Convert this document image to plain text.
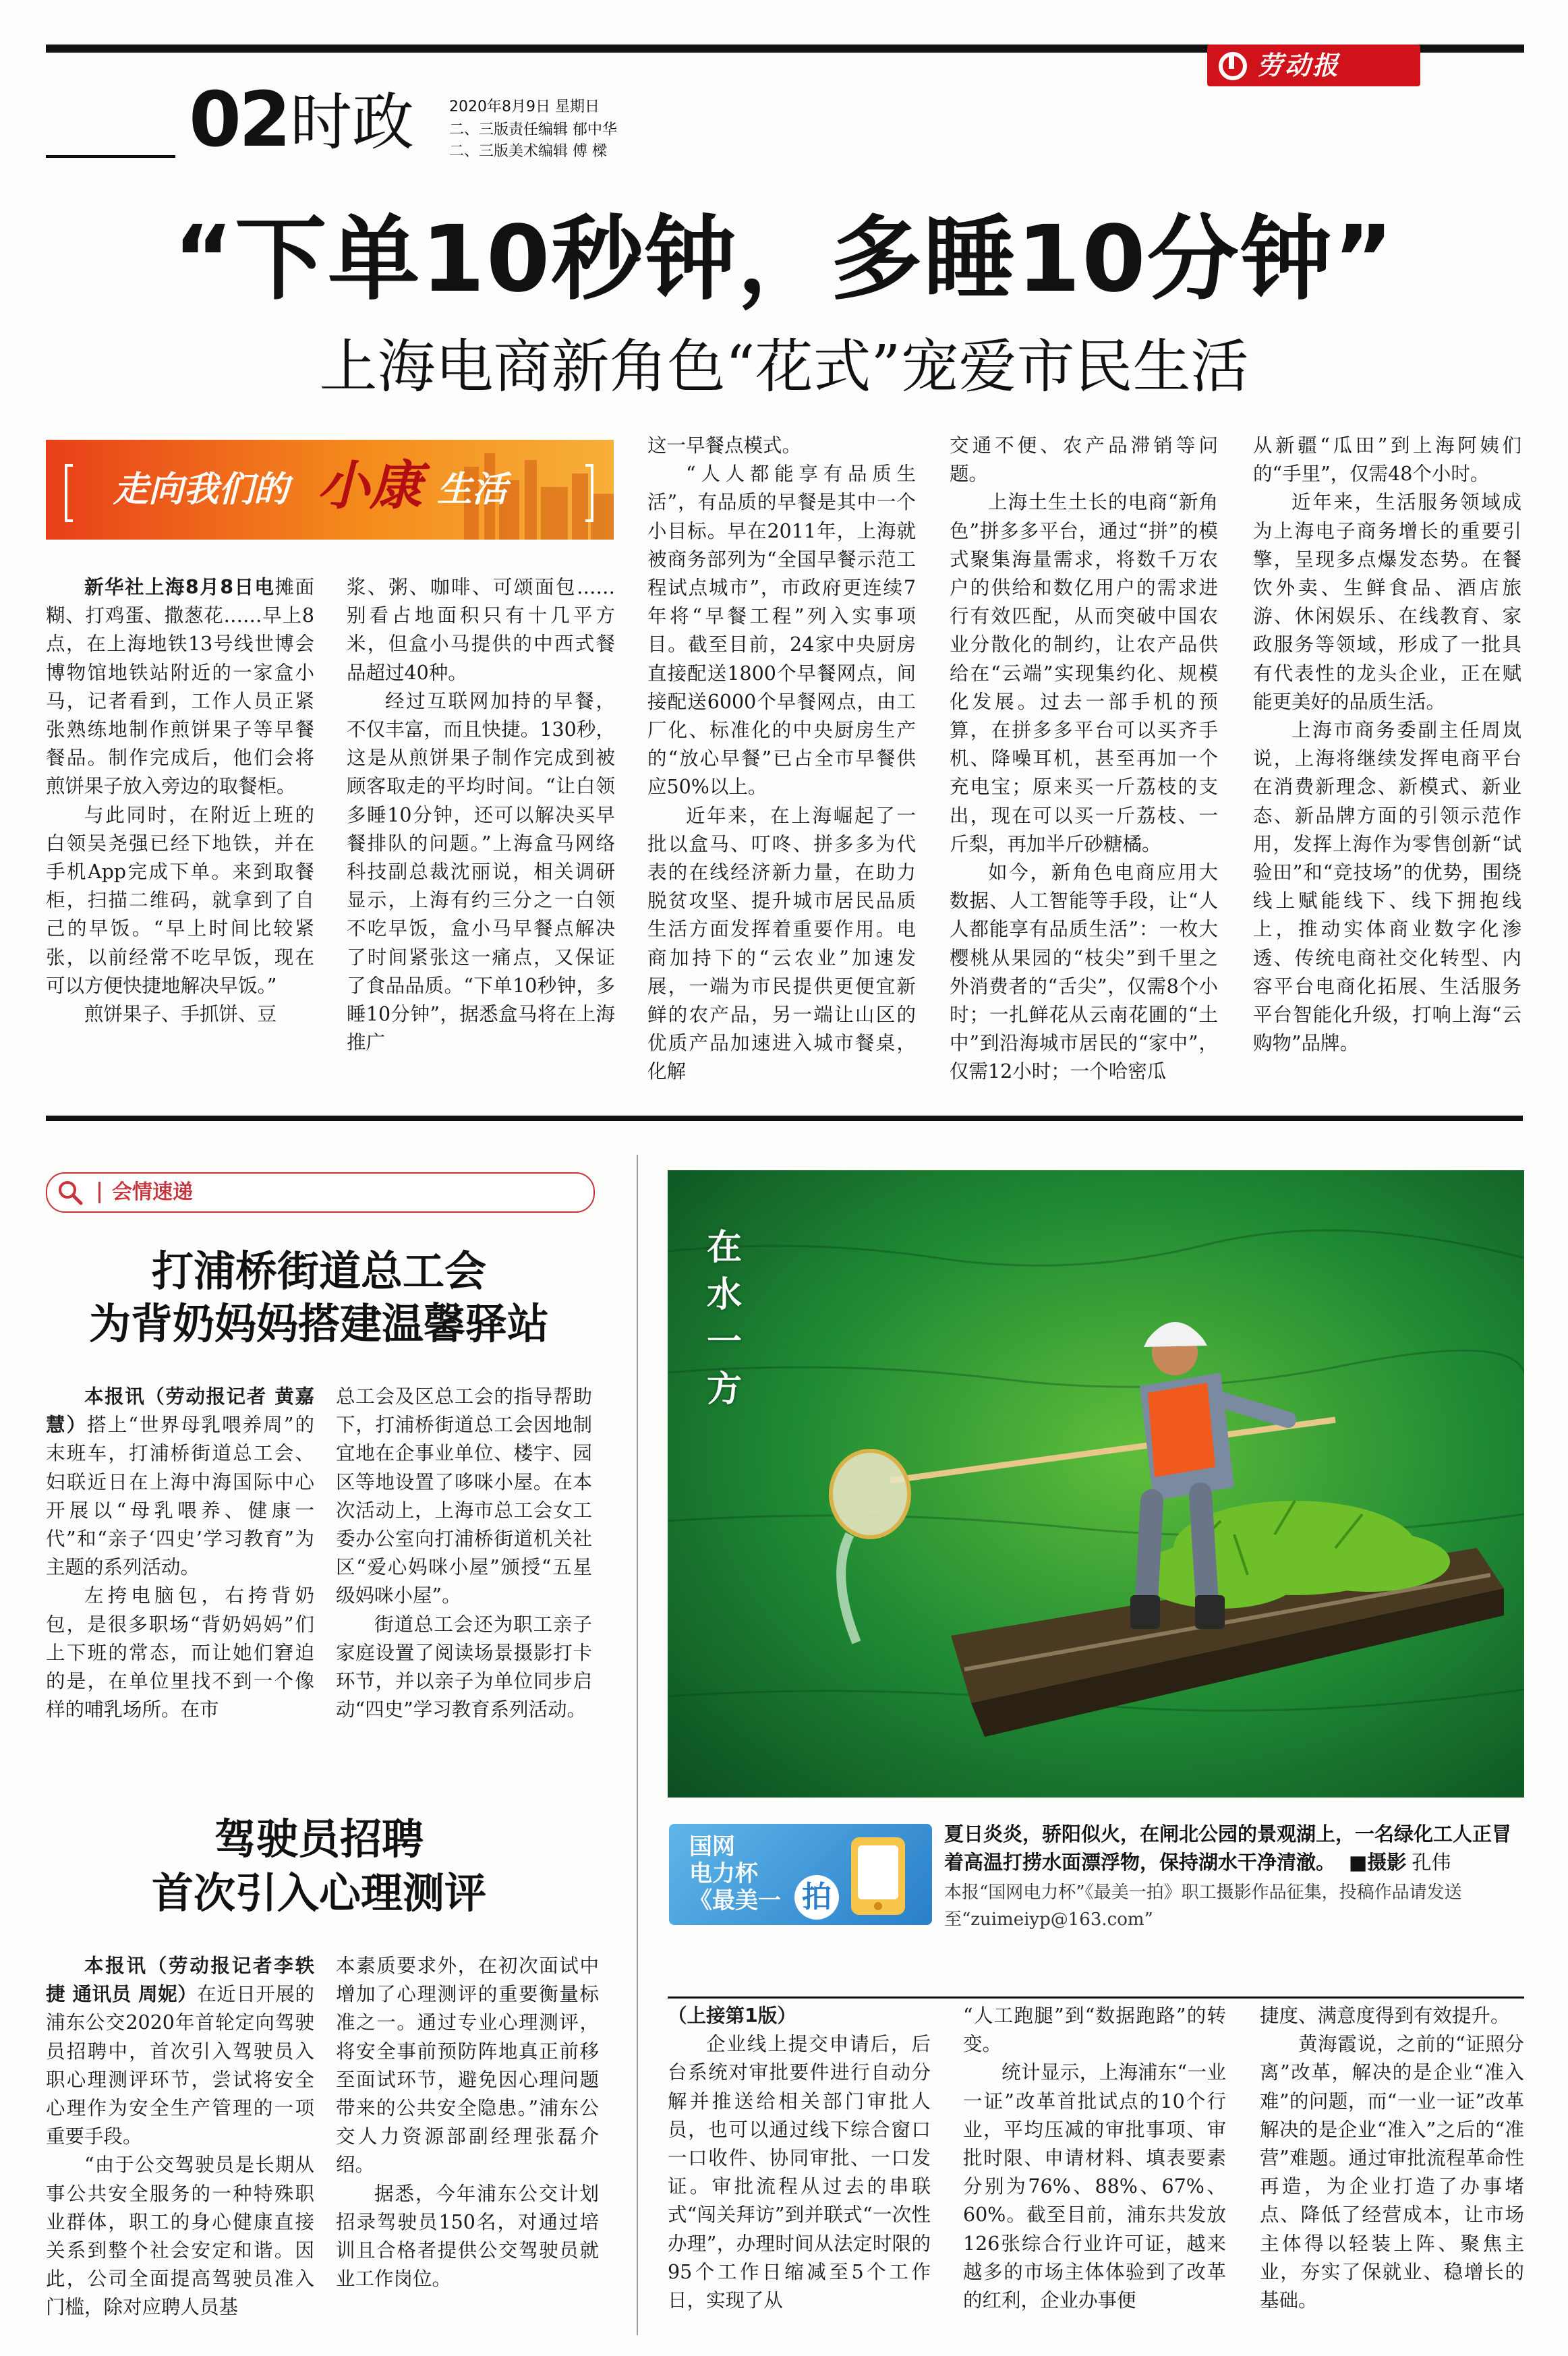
劳动报
02 时政 2020年8月9日 星期日
二、三版责任编辑 郁中华
二、三版美术编辑 傅 樑
“下单10秒钟，多睡10分钟”
上海电商新角色“花式”宠爱市民生活
走向我们的 小康 生活

新华社上海8月8日电摊面糊、打鸡蛋、撒葱花……早上8点，在上海地铁13号线世博会博物馆地铁站附近的一家盒小马，记者看到，工作人员正紧张熟练地制作煎饼果子等早餐餐品。制作完成后，他们会将煎饼果子放入旁边的取餐柜。

与此同时，在附近上班的白领吴尧强已经下地铁，并在手机App完成下单。来到取餐柜，扫描二维码，就拿到了自己的早饭。“早上时间比较紧张，以前经常不吃早饭，现在可以方便快捷地解决早饭。”

煎饼果子、手抓饼、豆

浆、粥、咖啡、可颂面包……别看占地面积只有十几平方米，但盒小马提供的中西式餐品超过40种。

经过互联网加持的早餐，不仅丰富，而且快捷。130秒，这是从煎饼果子制作完成到被顾客取走的平均时间。“让白领多睡10分钟，还可以解决买早餐排队的问题。”上海盒马网络科技副总裁沈丽说，相关调研显示，上海有约三分之一白领不吃早饭，盒小马早餐点解决了时间紧张这一痛点，又保证了食品品质。“下单10秒钟，多睡10分钟”，据悉盒马将在上海推广

这一早餐点模式。

“人人都能享有品质生活”，有品质的早餐是其中一个小目标。早在2011年，上海就被商务部列为“全国早餐示范工程试点城市”，市政府更连续7年将“早餐工程”列入实事项目。截至目前，24家中央厨房直接配送1800个早餐网点，间接配送6000个早餐网点，由工厂化、标准化的中央厨房生产的“放心早餐”已占全市早餐供应50%以上。

近年来，在上海崛起了一批以盒马、叮咚、拼多多为代表的在线经济新力量，在助力脱贫攻坚、提升城市居民品质生活方面发挥着重要作用。电商加持下的“云农业”加速发展，一端为市民提供更便宜新鲜的农产品，另一端让山区的优质产品加速进入城市餐桌，化解

交通不便、农产品滞销等问题。

上海土生土长的电商“新角色”拼多多平台，通过“拼”的模式聚集海量需求，将数千万农户的供给和数亿用户的需求进行有效匹配，从而突破中国农业分散化的制约，让农产品供给在“云端”实现集约化、规模化发展。过去一部手机的预算，在拼多多平台可以买齐手机、降噪耳机，甚至再加一个充电宝；原来买一斤荔枝的支出，现在可以买一斤荔枝、一斤梨，再加半斤砂糖橘。

如今，新角色电商应用大数据、人工智能等手段，让“人人都能享有品质生活”：一枚大樱桃从果园的“枝尖”到千里之外消费者的“舌尖”，仅需8个小时；一扎鲜花从云南花圃的“土中”到沿海城市居民的“家中”，仅需12小时；一个哈密瓜

从新疆“瓜田”到上海阿姨们的“手里”，仅需48个小时。

近年来，生活服务领域成为上海电子商务增长的重要引擎，呈现多点爆发态势。在餐饮外卖、生鲜食品、酒店旅游、休闲娱乐、在线教育、家政服务等领域，形成了一批具有代表性的龙头企业，正在赋能更美好的品质生活。

上海市商务委副主任周岚说，上海将继续发挥电商平台在消费新理念、新模式、新业态、新品牌方面的引领示范作用，发挥上海作为零售创新“试验田”和“竞技场”的优势，围绕线上赋能线下、线下拥抱线上，推动实体商业数字化渗透、传统电商社交化转型、内容平台电商化拓展、生活服务平台智能化升级，打响上海“云购物”品牌。

会情速递
打浦桥街道总工会
为背奶妈妈搭建温馨驿站

本报讯（劳动报记者 黄嘉慧）搭上“世界母乳喂养周”的末班车，打浦桥街道总工会、妇联近日在上海中海国际中心开展以“母乳喂养、健康一代”和“亲子‘四史’学习教育”为主题的系列活动。

左挎电脑包，右挎背奶包，是很多职场“背奶妈妈”们上下班的常态，而让她们窘迫的是，在单位里找不到一个像样的哺乳场所。在市

总工会及区总工会的指导帮助下，打浦桥街道总工会因地制宜地在企事业单位、楼宇、园区等地设置了哆咪小屋。在本次活动上，上海市总工会女工委办公室向打浦桥街道机关社区“爱心妈咪小屋”颁授“五星级妈咪小屋”。

街道总工会还为职工亲子家庭设置了阅读场景摄影打卡环节，并以亲子为单位同步启动“四史”学习教育系列活动。

驾驶员招聘
首次引入心理测评

本报讯（劳动报记者李轶捷 通讯员 周妮）在近日开展的浦东公交2020年首轮定向驾驶员招聘中，首次引入驾驶员入职心理测评环节，尝试将安全心理作为安全生产管理的一项重要手段。

“由于公交驾驶员是长期从事公共安全服务的一种特殊职业群体，职工的身心健康直接关系到整个社会安定和谐。因此，公司全面提高驾驶员准入门槛，除对应聘人员基

本素质要求外，在初次面试中增加了心理测评的重要衡量标准之一。通过专业心理测评，将安全事前预防阵地真正前移至面试环节，避免因心理问题带来的公共安全隐患。”浦东公交人力资源部副经理张磊介绍。

据悉，今年浦东公交计划招录驾驶员150名，对通过培训且合格者提供公交驾驶员就业工作岗位。

在水一方
国网
电力杯
《最美一 拍
夏日炎炎，骄阳似火，在闸北公园的景观湖上，一名绿化工人正冒着高温打捞水面漂浮物，保持湖水干净清澈。 ■摄影 孔伟
本报“国网电力杯”《最美一拍》职工摄影作品征集，投稿作品请发送至“zuimeiyp@163.com”

（上接第1版）

企业线上提交申请后，后台系统对审批要件进行自动分解并推送给相关部门审批人员，也可以通过线下综合窗口一口收件、协同审批、一口发证。审批流程从过去的串联式“闯关拜访”到并联式“一次性办理”，办理时间从法定时限的95个工作日缩减至5个工作日，实现了从

“人工跑腿”到“数据跑路”的转变。

统计显示，上海浦东“一业一证”改革首批试点的10个行业，平均压减的审批事项、审批时限、申请材料、填表要素分别为76%、88%、67%、60%。截至目前，浦东共发放126张综合行业许可证，越来越多的市场主体体验到了改革的红利，企业办事便

捷度、满意度得到有效提升。

黄海霞说，之前的“证照分离”改革，解决的是企业“准入难”的问题，而“一业一证”改革解决的是企业“准入”之后的“准营”难题。通过审批流程革命性再造，为企业打造了办事堵点、降低了经营成本，让市场主体得以轻装上阵、聚焦主业，夯实了保就业、稳增长的基础。
